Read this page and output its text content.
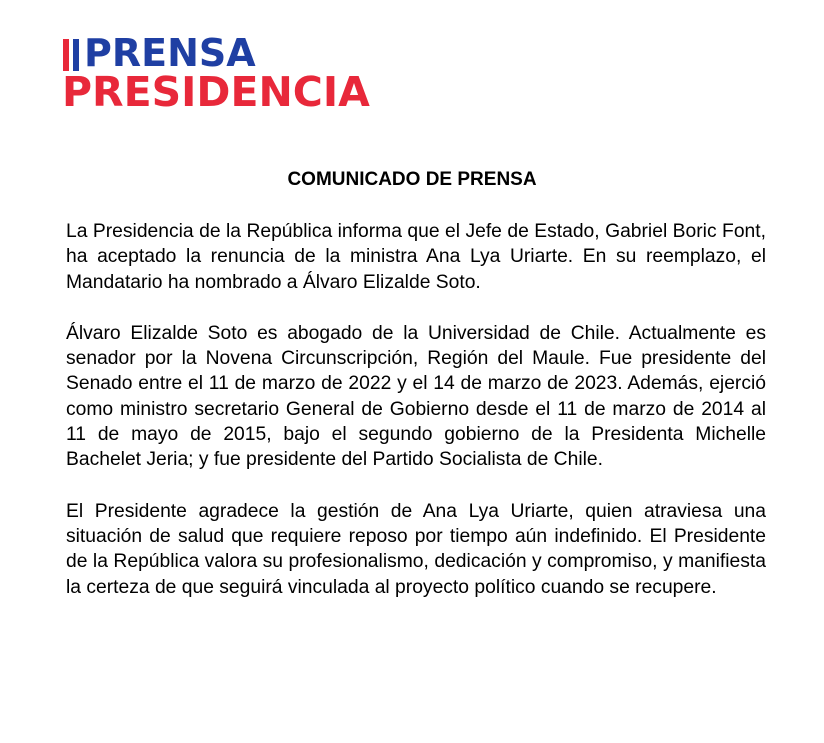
PRENSA
PRESIDENCIA
COMUNICADO DE PRENSA

La Presidencia de la República informa que el Jefe de Estado, Gabriel Boric Font, ha aceptado la renuncia de la ministra Ana Lya Uriarte. En su reemplazo, el Mandatario ha nombrado a Álvaro Elizalde Soto.

Álvaro Elizalde Soto es abogado de la Universidad de Chile. Actualmente es senador por la Novena Circunscripción, Región del Maule. Fue presidente del Senado entre el 11 de marzo de 2022 y el 14 de marzo de 2023. Además, ejerció como ministro secretario General de Gobierno desde el 11 de marzo de 2014 al 11 de mayo de 2015, bajo el segundo gobierno de la Presidenta Michelle Bachelet Jeria; y fue presidente del Partido Socialista de Chile.

El Presidente agradece la gestión de Ana Lya Uriarte, quien atraviesa una situación de salud que requiere reposo por tiempo aún indefinido. El Presidente de la República valora su profesionalismo, dedicación y compromiso, y manifiesta la certeza de que seguirá vinculada al proyecto político cuando se recupere.
